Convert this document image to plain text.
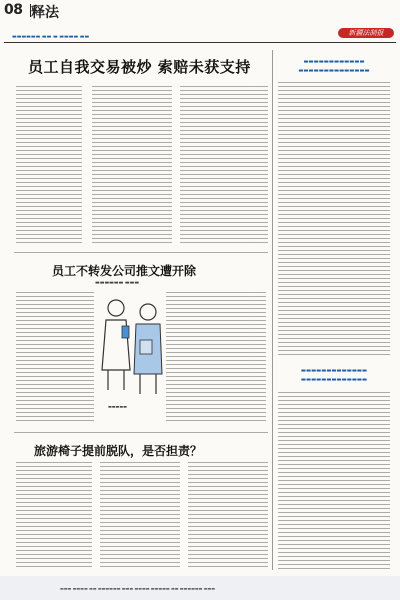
08 释法
▬▬▬▬▬▬ ▬▬ ▬ ▬▬▬▬ ▬▬	新疆法制报
员工自我交易被炒 索赔未获支持	▬▬▬▬▬▬▬▬▬▬▬▬
▬▬▬▬▬▬▬▬▬▬▬▬▬▬
员工不转发公司推文遭开除
▬▬▬▬▬▬ ▬▬▬
▬▬▬▬▬
旅游椅子提前脱队，是否担责？
▬▬▬▬▬▬▬▬▬▬▬▬▬
▬▬▬▬▬▬▬▬▬▬▬▬▬
▬▬▬ ▬▬▬▬ ▬▬ ▬▬▬▬▬▬ ▬▬▬ ▬▬▬▬ ▬▬▬▬▬ ▬▬ ▬▬▬▬▬▬ ▬▬▬
